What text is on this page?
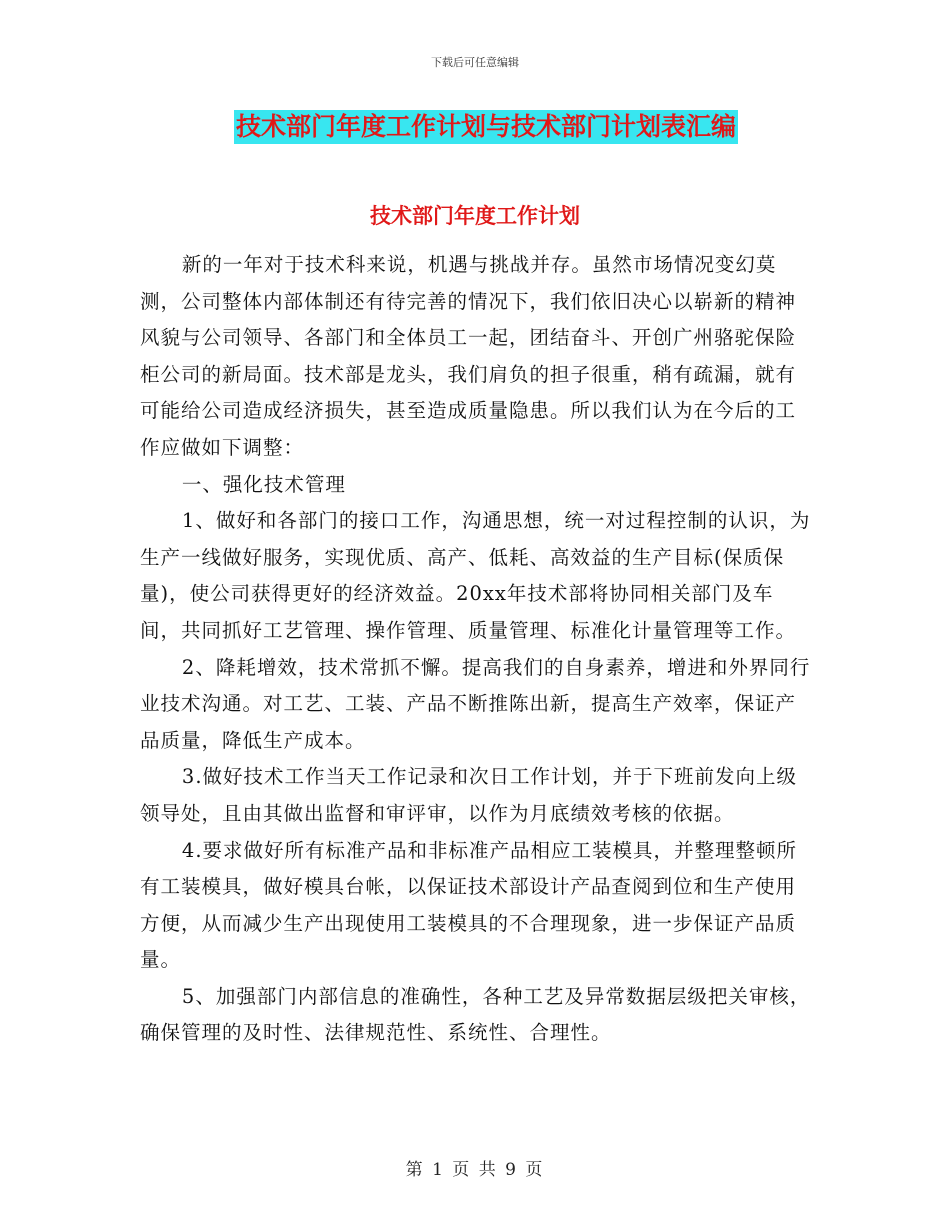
下载后可任意编辑
技术部门年度工作计划与技术部门计划表汇编
技术部门年度工作计划

新的一年对于技术科来说，机遇与挑战并存。虽然市场情况变幻莫测，公司整体内部体制还有待完善的情况下，我们依旧决心以崭新的精神风貌与公司领导、各部门和全体员工一起，团结奋斗、开创广州骆驼保险柜公司的新局面。技术部是龙头，我们肩负的担子很重，稍有疏漏，就有可能给公司造成经济损失，甚至造成质量隐患。所以我们认为在今后的工作应做如下调整：

一、强化技术管理

1、做好和各部门的接口工作，沟通思想，统一对过程控制的认识，为生产一线做好服务，实现优质、高产、低耗、高效益的生产目标(保质保量)，使公司获得更好的经济效益。20xx年技术部将协同相关部门及车间，共同抓好工艺管理、操作管理、质量管理、标准化计量管理等工作。

2、降耗增效，技术常抓不懈。提高我们的自身素养，增进和外界同行业技术沟通。对工艺、工装、产品不断推陈出新，提高生产效率，保证产品质量，降低生产成本。

3.做好技术工作当天工作记录和次日工作计划，并于下班前发向上级领导处，且由其做出监督和审评审，以作为月底绩效考核的依据。

4.要求做好所有标准产品和非标准产品相应工装模具，并整理整顿所有工装模具，做好模具台帐，以保证技术部设计产品查阅到位和生产使用方便，从而减少生产出现使用工装模具的不合理现象，进一步保证产品质量。

5、加强部门内部信息的准确性，各种工艺及异常数据层级把关审核，确保管理的及时性、法律规范性、系统性、合理性。

第 1 页 共 9 页
